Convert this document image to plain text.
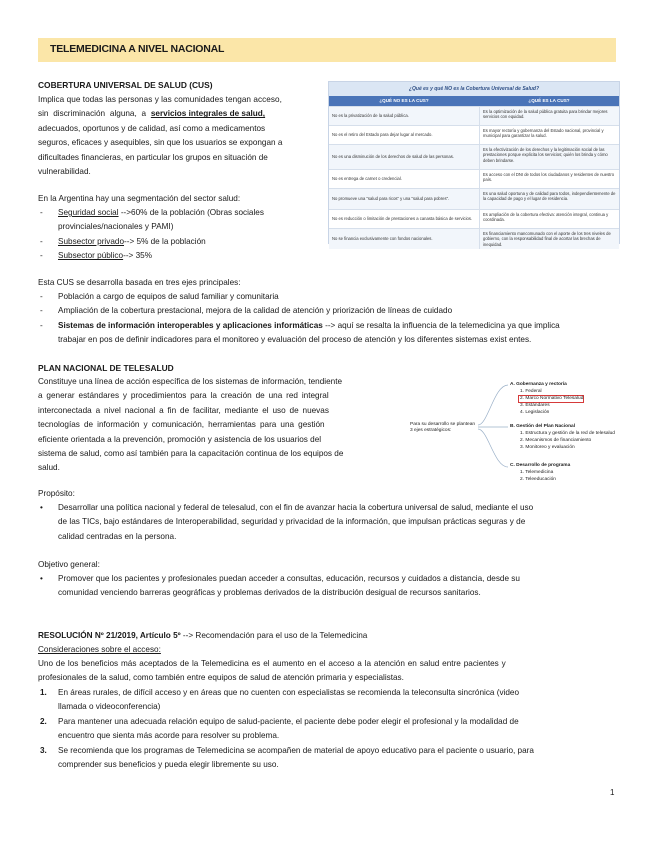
TELEMEDICINA A NIVEL NACIONAL
COBERTURA UNIVERSAL DE SALUD (CUS)
Implica que todas las personas y las comunidades tengan acceso,
sin discriminación alguna, a servicios integrales de salud,
adecuados, oportunos y de calidad, así como a medicamentos
seguros, eficaces y asequibles, sin que los usuarios se expongan a
dificultades financieras, en particular los grupos en situación de
vulnerabilidad.
En la Argentina hay una segmentación del sector salud:
- Seguridad social -->60% de la población (Obras sociales
provinciales/nacionales y PAMI)
- Subsector privado--> 5% de la población
- Subsector público--> 35%
¿Qué es y qué NO es la Cobertura Universal de Salud?
¿QUÉ NO ES LA CUS?	¿QUÉ ES LA CUS?
No es la privatización de la salud pública.
Es la optimización de la salud pública gratuita para brindar mejores servicios con equidad.
No es el retiro del Estado para dejar lugar al mercado.
Es mayor rectoría y gobernanza del Estado nacional, provincial y municipal para garantizar la salud.
No es una disminución de los derechos de salud de las personas.
Es la efectivización de los derechos y la legitimación social de las prestaciones porque explicita los servicios; quién los brinda y cómo deben brindarse.
No es entrega de carnet o credencial.
Es acceso con el DNI de todos los ciudadanos y residentes de nuestro país.
No promueve una "salud para ricos" y una "salud para pobres".
Es una salud oportuna y de calidad para todos, independientemente de la capacidad de pago y el lugar de residencia.
No es reducción o limitación de prestaciones a canasta básica de servicios.
Es ampliación de la cobertura efectiva: atención integral, continua y coordinada.
No se financia exclusivamente con fondos nacionales.
Es financiamiento mancomunado con el aporte de los tres niveles de gobierno, con la responsabilidad final de acortar las brechas de inequidad.
Esta CUS se desarrolla basada en tres ejes principales:
- Población a cargo de equipos de salud familiar y comunitaria
- Ampliación de la cobertura prestacional, mejora de la calidad de atención y priorización de líneas de cuidado
- Sistemas de información interoperables y aplicaciones informáticas --> aquí se resalta la influencia de la telemedicina ya que implica
trabajar en pos de definir indicadores para el monitoreo y evaluación del proceso de atención y los diferentes sistemas exist entes.
PLAN NACIONAL DE TELESALUD
Constituye una línea de acción específica de los sistemas de información, tendiente
a generar estándares y procedimientos para la creación de una red integral
interconectada a nivel nacional a fin de facilitar, mediante el uso de nuevas
tecnologías de información y comunicación, herramientas para una gestión
eficiente orientada a la prevención, promoción y asistencia de los usuarios del
sistema de salud, como así también para la capacitación continua de los equipos de
salud.
Para su desarrollo se plantean 3 ejes estratégicos:
A. Gobernanza y rectoría
1. Federal
2. Marco Normativo Telesalud
3. Estándares
4. Legislación
B. Gestión del Plan Nacional
1. Estructura y gestión de la red de telesalud
2. Mecanismos de financiamiento
3. Monitoreo y evaluación
C. Desarrollo de programa
1. Telemedicina
2. Teleeducación
Propósito:
• Desarrollar una política nacional y federal de telesalud, con el fin de avanzar hacia la cobertura universal de salud, mediante el uso
de las TICs, bajo estándares de Interoperabilidad, seguridad y privacidad de la información, que impulsan prácticas seguras y de
calidad centradas en la persona.
Objetivo general:
• Promover que los pacientes y profesionales puedan acceder a consultas, educación, recursos y cuidados a distancia, desde su
comunidad venciendo barreras geográficas y problemas derivados de la distribución desigual de recursos sanitarios.
RESOLUCIÓN Nº 21/2019, Artículo 5º --> Recomendación para el uso de la Telemedicina
Consideraciones sobre el acceso:
Uno de los beneficios más aceptados de la Telemedicina es el aumento en el acceso a la atención en salud entre pacientes y
profesionales de la salud, como también entre equipos de salud de atención primaria y especialistas.
1. En áreas rurales, de difícil acceso y en áreas que no cuenten con especialistas se recomienda la teleconsulta sincrónica (video
llamada o videoconferencia)
2. Para mantener una adecuada relación equipo de salud-paciente, el paciente debe poder elegir el profesional y la modalidad de
encuentro que sienta más acorde para resolver su problema.
3. Se recomienda que los programas de Telemedicina se acompañen de material de apoyo educativo para el paciente o usuario, para
comprender sus beneficios y pueda elegir libremente su uso.
1
